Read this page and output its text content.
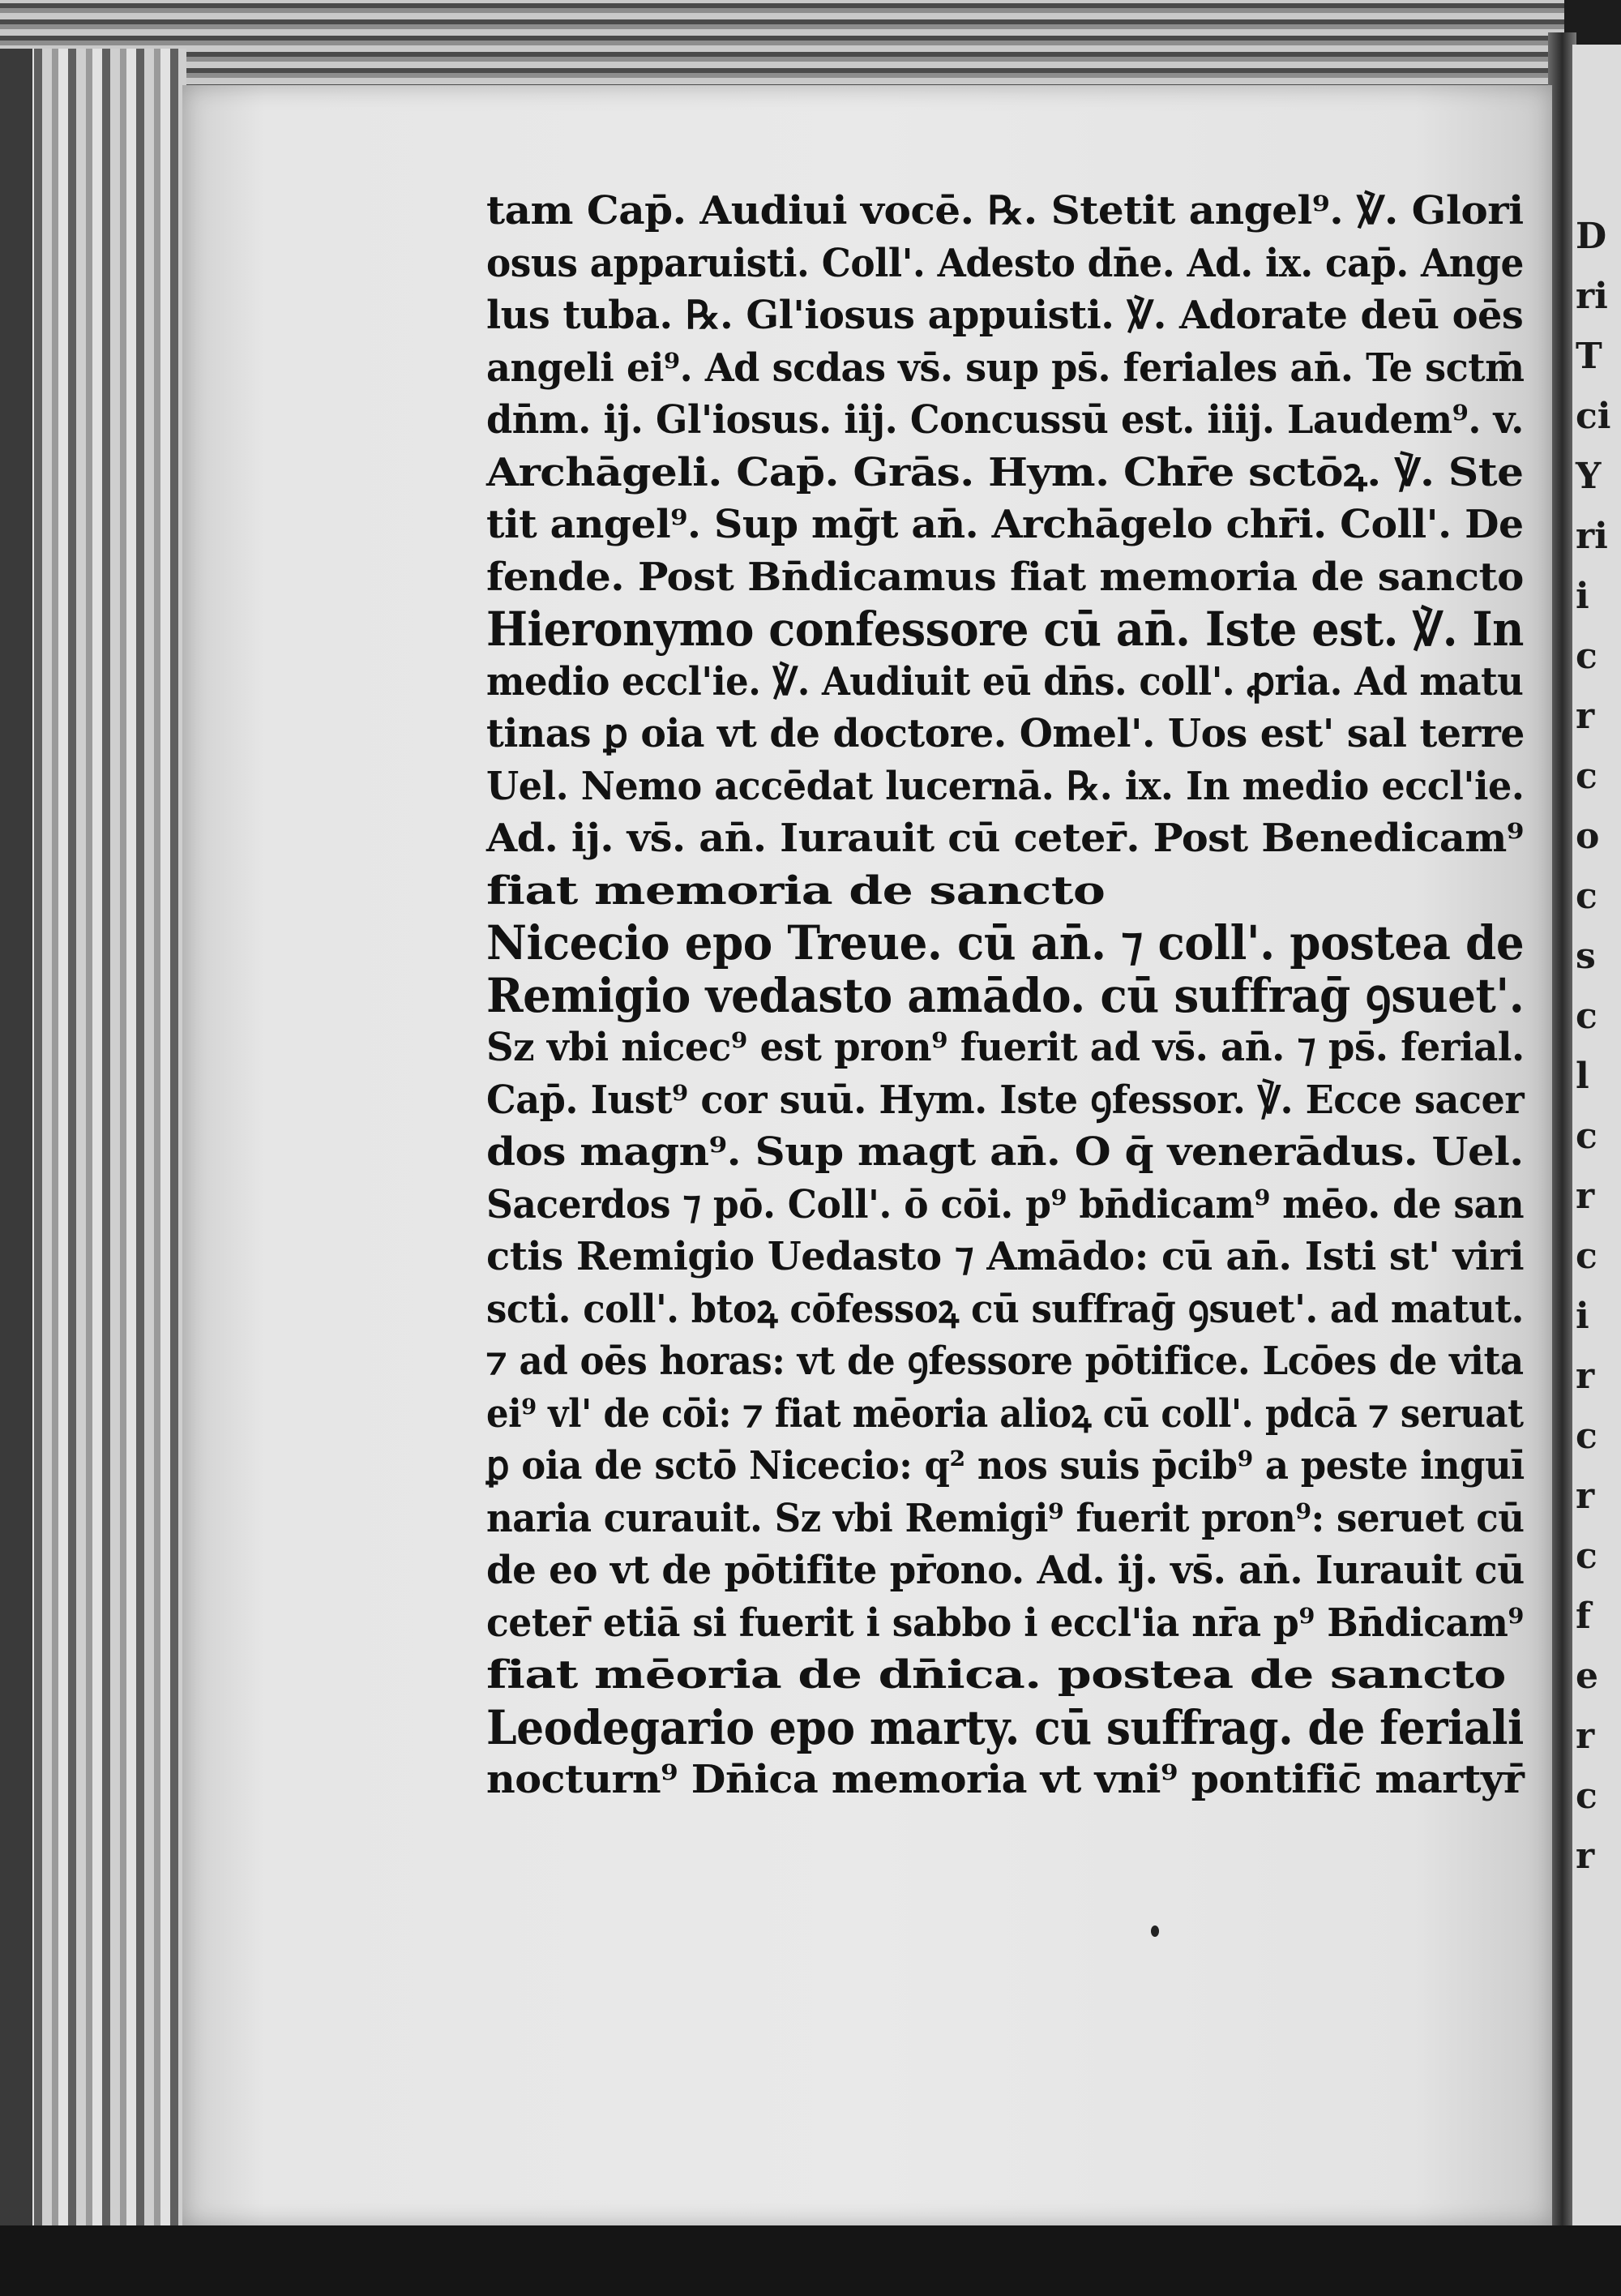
D
ri
T
ci
Y
ri
i
c
r
c
o
c
s
c
l
c
r
c
i
r
c
r
c
f
e
r
c
r
tam Cap̄. Audiui vocē. ℞. Stetit angel⁹. ℣. Glori
osus apparuisti. Coll'. Adesto dn̄e. Ad. ix. cap̄. Ange
lus tuba. ℞. Gl'iosus appuisti. ℣. Adorate deū oēs
angeli ei⁹. Ad scdas vs̄. sup ps̄. feriales an̄. Te sctm̄
dn̄m. ij. Gl'iosus. iij. Concussū est. iiij. Laudem⁹. v.
Archāgeli. Cap̄. Grās. Hym. Chr̄e sctōꝝ. ℣. Ste
tit angel⁹. Sup mḡt an̄. Archāgelo chr̄i. Coll'. De
fende. Post Bn̄dicamus fiat memoria de sancto
Hieronymo confessore cū an̄. Iste est. ℣. In
medio eccl'ie. ℣. Audiuit eū dn̄s. coll'. ꝓria. Ad matu
tinas ꝑ oia vt de doctore. Omel'. Uos est' sal terre
Uel. Nemo accēdat lucernā. ℞. ix. In medio eccl'ie.
Ad. ij. vs̄. an̄. Iurauit cū ceter̄. Post Benedicam⁹
fiat memoria de sancto
Nicecio epo Treue. cū an̄. ⁊ coll'. postea de
Remigio vedasto amādo. cū suffraḡ ꝯsuet'.
Sz vbi nicec⁹ est pron⁹ fuerit ad vs̄. an̄. ⁊ ps̄. ferial.
Cap̄. Iust⁹ cor suū. Hym. Iste ꝯfessor. ℣. Ecce sacer
dos magn⁹. Sup magt an̄. O q̄ venerādus. Uel.
Sacerdos ⁊ pō. Coll'. ō cōi. p⁹ bn̄dicam⁹ mēo. de san
ctis Remigio Uedasto ⁊ Amādo: cū an̄. Isti st' viri
scti. coll'. btoꝝ cōfessoꝝ cū suffraḡ ꝯsuet'. ad matut.
⁊ ad oēs horas: vt de ꝯfessore pōtifice. Lcōes de vita
ei⁹ vl' de cōi: ⁊ fiat mēoria alioꝝ cū coll'. pdcā ⁊ seruat
ꝑ oia de sctō Nicecio: q² nos suis p̄cib⁹ a peste inguī
naria curauit. Sz vbi Remigi⁹ fuerit pron⁹: seruet cū
de eo vt de pōtifite pr̄ono. Ad. ij. vs̄. an̄. Iurauit cū
ceter̄ etiā si fuerit i sabbo i eccl'ia nr̄a p⁹ Bn̄dicam⁹
fiat mēoria de dn̄ica. postea de sancto
Leodegario epo marty. cū suffrag. de feriali
nocturn⁹ Dn̄ica memoria vt vni⁹ pontific̄ martyr̄
